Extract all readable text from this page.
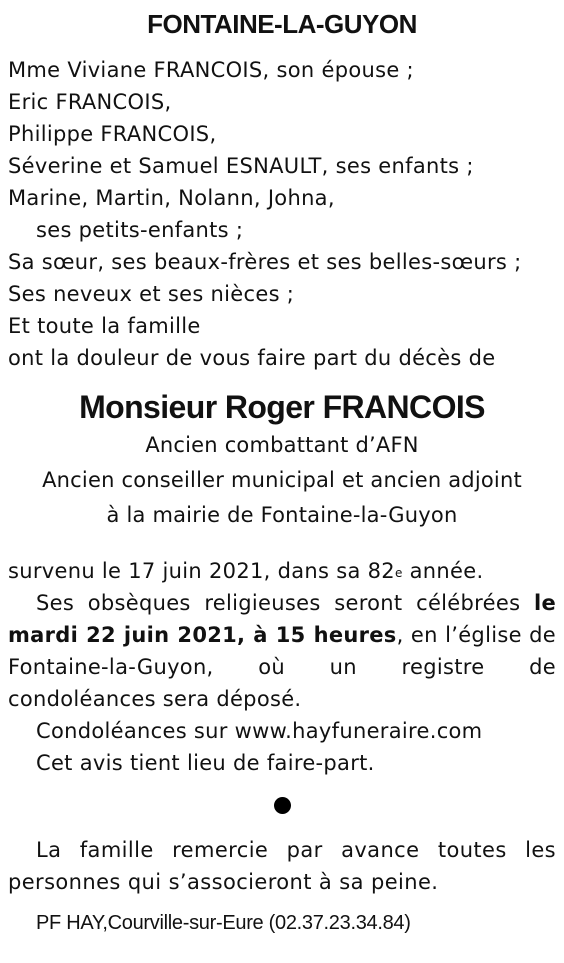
FONTAINE-LA-GUYON
Mme Viviane FRANCOIS, son épouse ;
Eric FRANCOIS,
Philippe FRANCOIS,
Séverine et Samuel ESNAULT, ses enfants ;
Marine, Martin, Nolann, Johna,
ses petits-enfants ;
Sa sœur, ses beaux-frères et ses belles-sœurs ;
Ses neveux et ses nièces ;
Et toute la famille
ont la douleur de vous faire part du décès de
Monsieur Roger FRANCOIS
Ancien combattant d’AFN
Ancien conseiller municipal et ancien adjoint
à la mairie de Fontaine-la-Guyon
survenu le 17 juin 2021, dans sa 82e année.
Ses obsèques religieuses seront célébrées le mardi 22 juin 2021, à 15 heures, en l’église de Fontaine-la-Guyon, où un registre de condoléances sera déposé.
Condoléances sur www.hayfuneraire.com
Cet avis tient lieu de faire-part.
La famille remercie par avance toutes les personnes qui s’associeront à sa peine.
PF HAY,Courville-sur-Eure (02.37.23.34.84)
